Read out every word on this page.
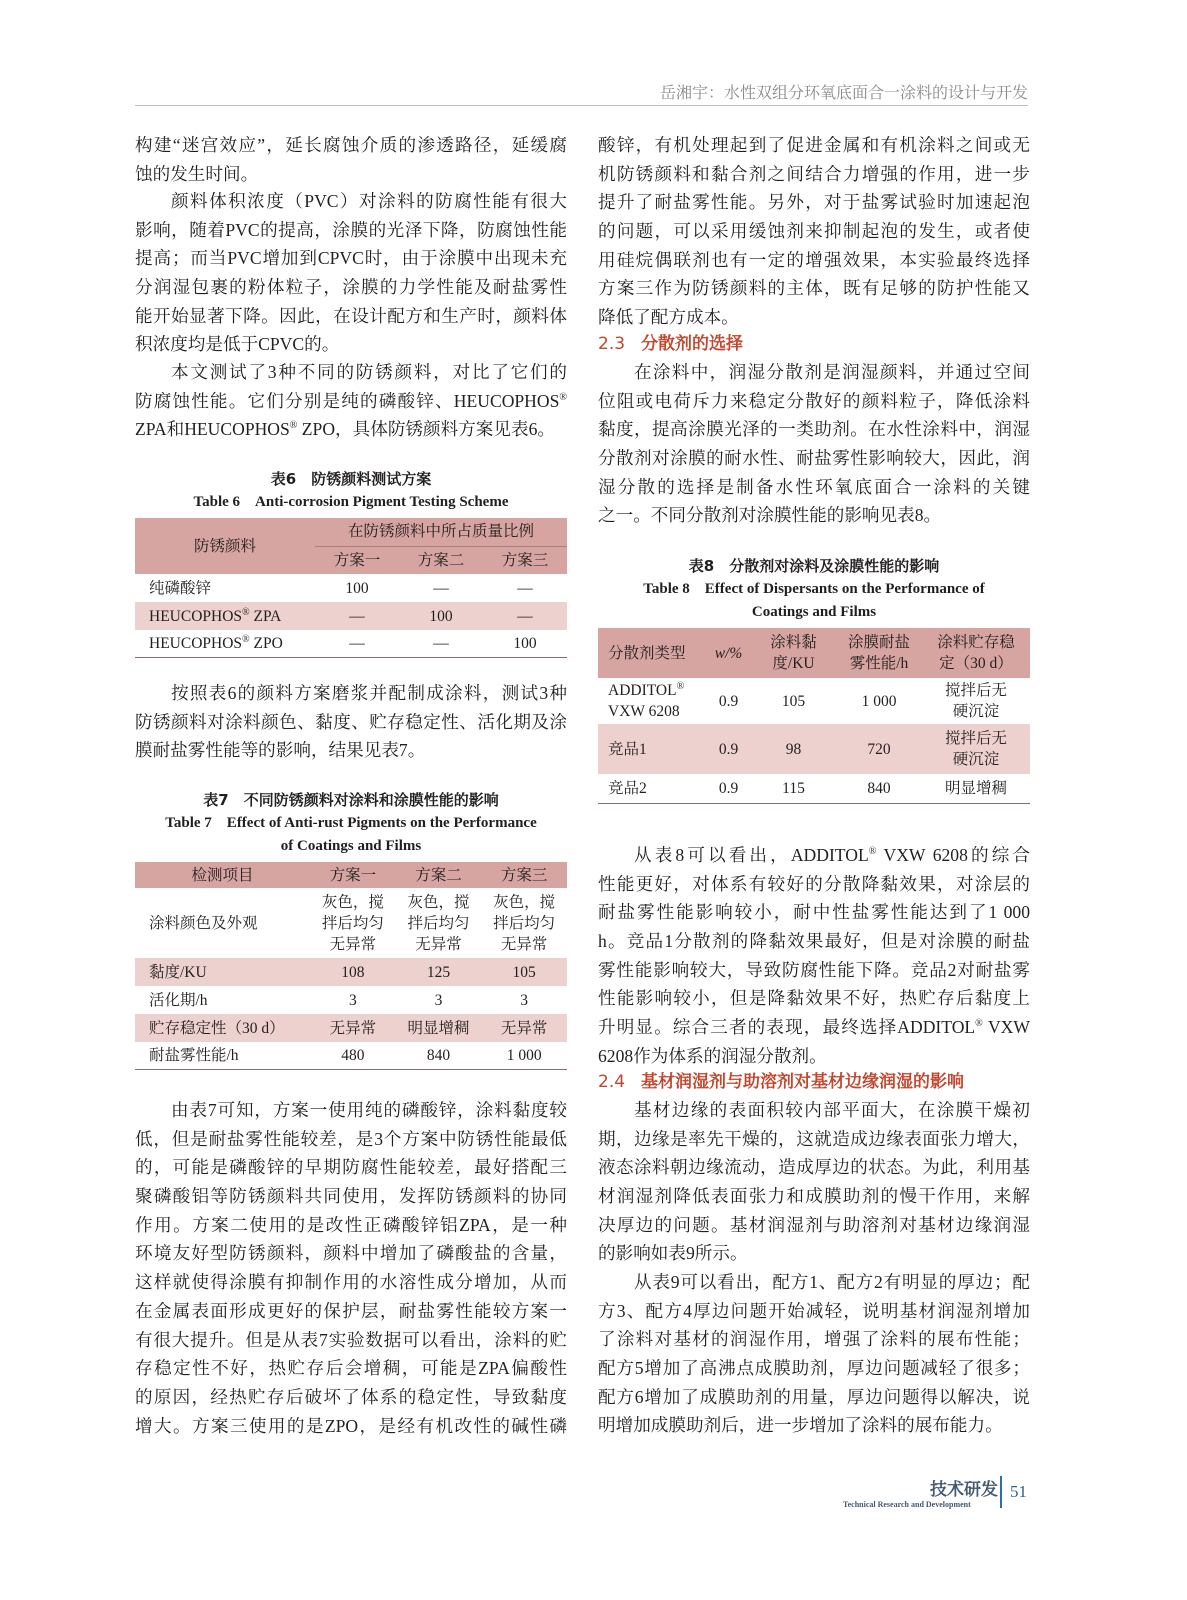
岳湘宇：水性双组分环氧底面合一涂料的设计与开发
构建“迷宫效应”，延长腐蚀介质的渗透路径，延缓腐
蚀的发生时间。
颜料体积浓度（PVC）对涂料的防腐性能有很大
影响，随着PVC的提高，涂膜的光泽下降，防腐蚀性能
提高；而当PVC增加到CPVC时，由于涂膜中出现未充
分润湿包裹的粉体粒子，涂膜的力学性能及耐盐雾性
能开始显著下降。因此，在设计配方和生产时，颜料体
积浓度均是低于CPVC的。
本文测试了3种不同的防锈颜料，对比了它们的
防腐蚀性能。它们分别是纯的磷酸锌、HEUCOPHOS®
ZPA和HEUCOPHOS® ZPO，具体防锈颜料方案见表6。
表6　防锈颜料测试方案
Table 6　Anti-corrosion Pigment Testing Scheme
防锈颜料	在防锈颜料中所占质量比例		
	方案一	方案二	方案三
纯磷酸锌	100	—	—
HEUCOPHOS® ZPA	—	100	—
HEUCOPHOS® ZPO	—	—	100
按照表6的颜料方案磨浆并配制成涂料，测试3种
防锈颜料对涂料颜色、黏度、贮存稳定性、活化期及涂
膜耐盐雾性能等的影响，结果见表7。
表7　不同防锈颜料对涂料和涂膜性能的影响
Table 7　Effect of Anti-rust Pigments on the Performance
of Coatings and Films
检测项目	方案一	方案二	方案三
涂料颜色及外观	灰色，搅拌后均匀无异常	灰色，搅拌后均匀无异常	灰色，搅拌后均匀无异常
黏度/KU	108	125	105
活化期/h	3	3	3
贮存稳定性（30 d）	无异常	明显增稠	无异常
耐盐雾性能/h	480	840	1 000
由表7可知，方案一使用纯的磷酸锌，涂料黏度较
低，但是耐盐雾性能较差，是3个方案中防锈性能最低
的，可能是磷酸锌的早期防腐性能较差，最好搭配三
聚磷酸铝等防锈颜料共同使用，发挥防锈颜料的协同
作用。方案二使用的是改性正磷酸锌铝ZPA，是一种
环境友好型防锈颜料，颜料中增加了磷酸盐的含量，
这样就使得涂膜有抑制作用的水溶性成分增加，从而
在金属表面形成更好的保护层，耐盐雾性能较方案一
有很大提升。但是从表7实验数据可以看出，涂料的贮
存稳定性不好，热贮存后会增稠，可能是ZPA偏酸性
的原因，经热贮存后破坏了体系的稳定性，导致黏度
增大。方案三使用的是ZPO，是经有机改性的碱性磷
酸锌，有机处理起到了促进金属和有机涂料之间或无
机防锈颜料和黏合剂之间结合力增强的作用，进一步
提升了耐盐雾性能。另外，对于盐雾试验时加速起泡
的问题，可以采用缓蚀剂来抑制起泡的发生，或者使
用硅烷偶联剂也有一定的增强效果，本实验最终选择
方案三作为防锈颜料的主体，既有足够的防护性能又
降低了配方成本。
2.3 分散剂的选择
在涂料中，润湿分散剂是润湿颜料，并通过空间
位阻或电荷斥力来稳定分散好的颜料粒子，降低涂料
黏度，提高涂膜光泽的一类助剂。在水性涂料中，润湿
分散剂对涂膜的耐水性、耐盐雾性影响较大，因此，润
湿分散的选择是制备水性环氧底面合一涂料的关键
之一。不同分散剂对涂膜性能的影响见表8。
表8　分散剂对涂料及涂膜性能的影响
Table 8　Effect of Dispersants on the Performance of
Coatings and Films
分散剂类型	w/%	涂料黏度/KU	涂膜耐盐雾性能/h	涂料贮存稳定（30 d）
ADDITOL® VXW 6208	0.9	105	1 000	搅拌后无硬沉淀
竞品1	0.9	98	720	搅拌后无硬沉淀
竞品2	0.9	115	840	明显增稠
从表8可以看出，ADDITOL® VXW 6208的综合
性能更好，对体系有较好的分散降黏效果，对涂层的
耐盐雾性能影响较小，耐中性盐雾性能达到了1 000
h。竞品1分散剂的降黏效果最好，但是对涂膜的耐盐
雾性能影响较大，导致防腐性能下降。竞品2对耐盐雾
性能影响较小，但是降黏效果不好，热贮存后黏度上
升明显。综合三者的表现，最终选择ADDITOL® VXW
6208作为体系的润湿分散剂。
2.4 基材润湿剂与助溶剂对基材边缘润湿的影响
基材边缘的表面积较内部平面大，在涂膜干燥初
期，边缘是率先干燥的，这就造成边缘表面张力增大，
液态涂料朝边缘流动，造成厚边的状态。为此，利用基
材润湿剂降低表面张力和成膜助剂的慢干作用，来解
决厚边的问题。基材润湿剂与助溶剂对基材边缘润湿
的影响如表9所示。
从表9可以看出，配方1、配方2有明显的厚边；配
方3、配方4厚边问题开始减轻，说明基材润湿剂增加
了涂料对基材的润湿作用，增强了涂料的展布性能；
配方5增加了高沸点成膜助剂，厚边问题减轻了很多；
配方6增加了成膜助剂的用量，厚边问题得以解决，说
明增加成膜助剂后，进一步增加了涂料的展布能力。
技术研发
Technical Research and Development
51
